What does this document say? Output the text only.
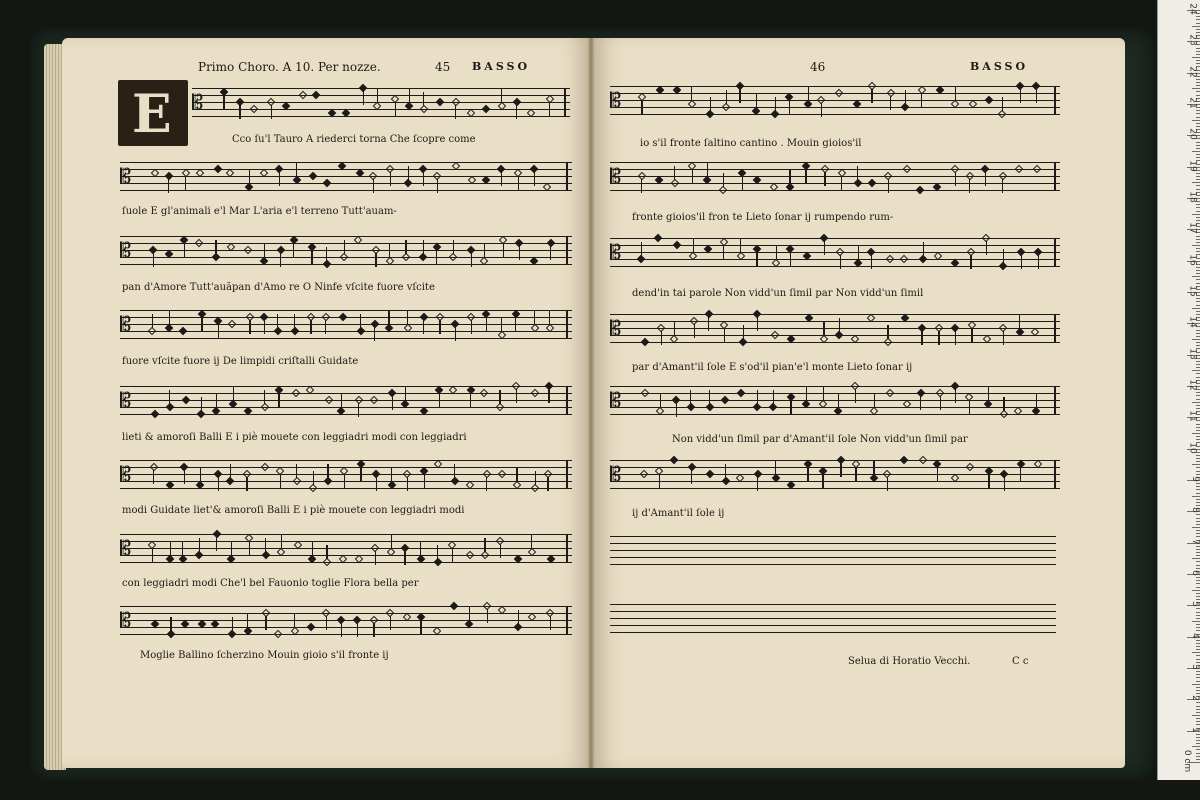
Primo Choro. A 10. Per nozze.	45 BASSO
E
46	BASSO
Cco ſu'l Tauro A riederci torna Che ſcopre come
ſuole E gl'animali e'l Mar L'aria e'l terreno Tutt'auam-
pan d'Amore Tutt'auăpan d'Amo re O Ninfe vſcite fuore vſcite
fuore vſcite fuore ij De limpidi criſtalli Guidate
lieti & amoroſi Balli E i piè mouete con leggiadri modi con leggiadri
modi Guidate liet'& amoroſi Balli E i piè mouete con leggiadri modi
con leggiadri modi Che'l bel Fauonio toglie Flora bella per
Moglie Ballino ſcherzino Mouin gioio s'il fronte ij
io s'il fronte ſaltino cantino . Mouin gioios'il
fronte gioios'il fron te Lieto ſonar ij rumpendo rum-
dend'in tai parole Non vidd'un ſimil par Non vidd'un ſimil
par d'Amant'il ſole E s'od'il pian'e'l monte Lieto ſonar ij
Non vidd'un ſimil par d'Amant'il ſole Non vidd'un ſimil par
ij d'Amant'il ſole ij
Selua di Horatio Vecchi.	C c
0 cm
1
2
3
4
5
6
7
8
9
10
11
12
13
14
15
16
17
18
19
20
21
22
23
24
𝄡
𝄡
𝄡
𝄡
𝄡
𝄡
𝄡
𝄡
𝄡
𝄡
𝄡
𝄡
𝄡
𝄡
